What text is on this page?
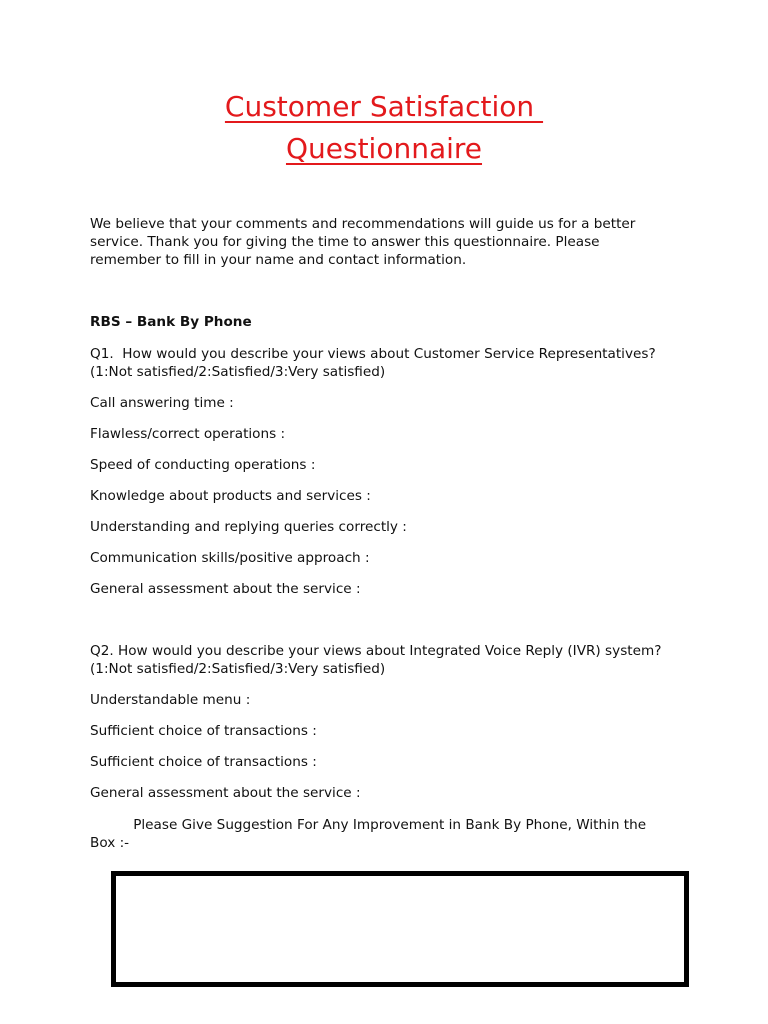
Customer Satisfaction
Questionnaire
We believe that your comments and recommendations will guide us for a better
service. Thank you for giving the time to answer this questionnaire. Please
remember to fill in your name and contact information.
RBS – Bank By Phone
Q1.  How would you describe your views about Customer Service Representatives?
(1:Not satisfied/2:Satisfied/3:Very satisfied)
Call answering time :
Flawless/correct operations :
Speed of conducting operations :
Knowledge about products and services :
Understanding and replying queries correctly :
Communication skills/positive approach :
General assessment about the service :
Q2. How would you describe your views about Integrated Voice Reply (IVR) system?
(1:Not satisfied/2:Satisfied/3:Very satisfied)
Understandable menu :
Sufficient choice of transactions :
Sufficient choice of transactions :
General assessment about the service :
Please Give Suggestion For Any Improvement in Bank By Phone, Within the
Box :-
